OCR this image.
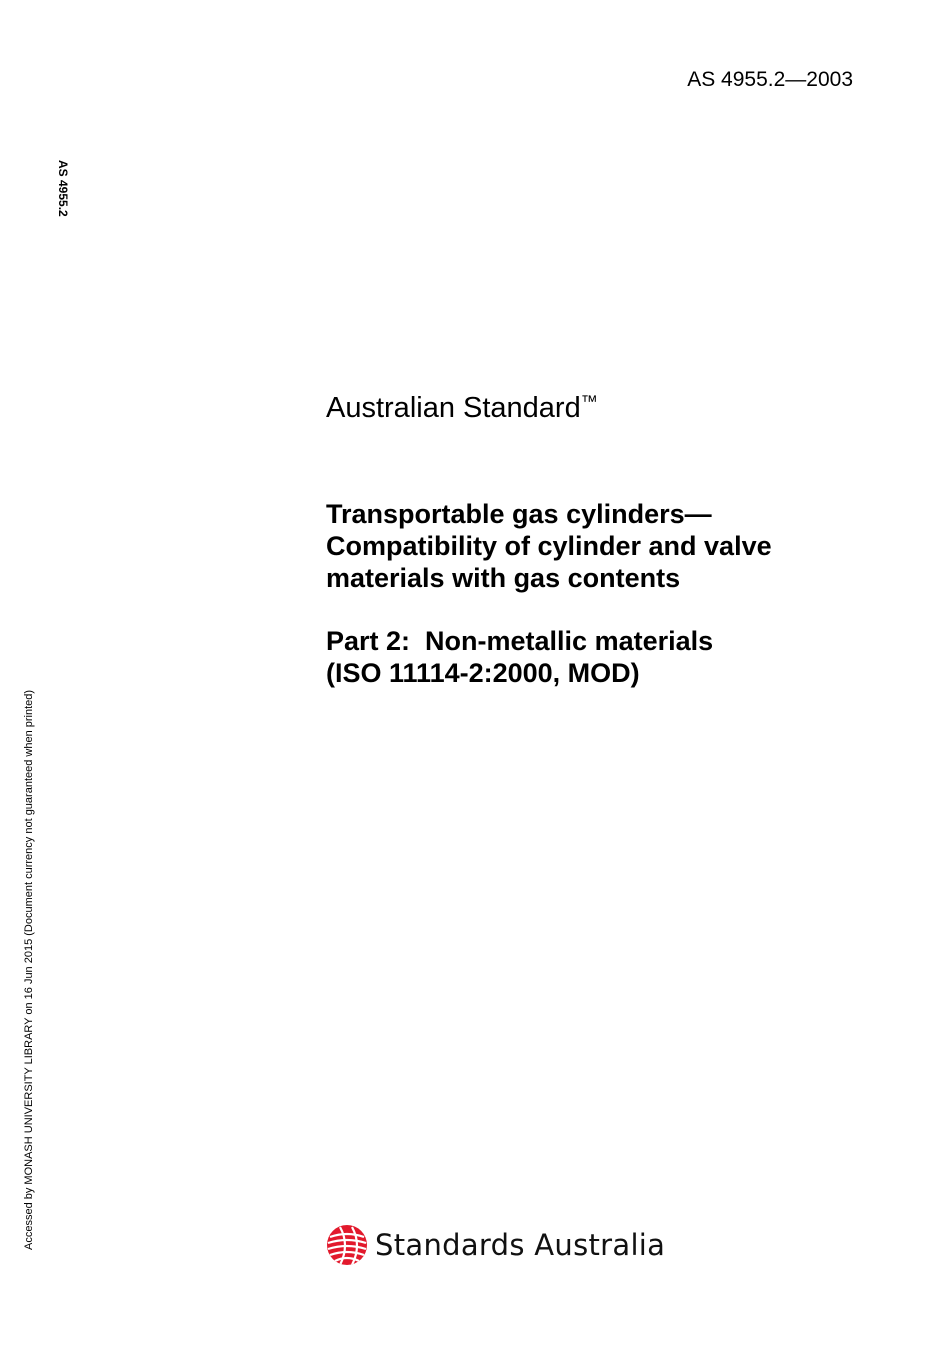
AS 4955.2—2003
AS 4955.2
Accessed by MONASH UNIVERSITY LIBRARY on 16 Jun 2015 (Document currency not guaranteed when printed)
Australian Standard™
Transportable gas cylinders—
Compatibility of cylinder and valve
materials with gas contents
Part 2:  Non-metallic materials
(ISO 11114-2:2000, MOD)
Standards Australia
